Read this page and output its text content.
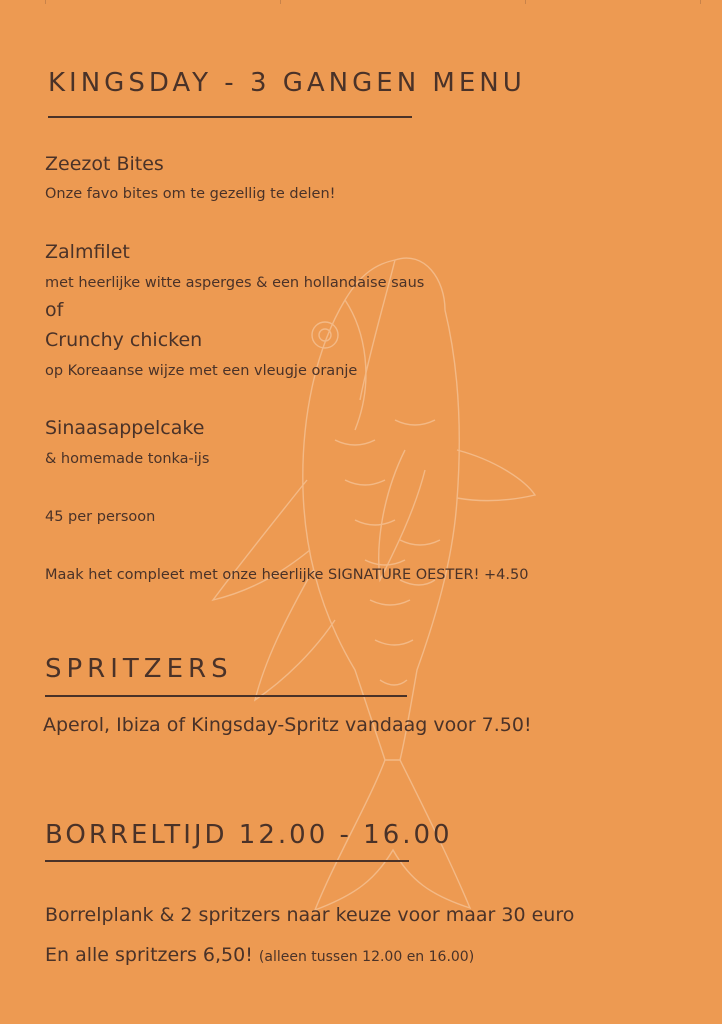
KINGSDAY - 3 GANGEN MENU

Zeezot Bites

Onze favo bites om te gezellig te delen!

Zalmfilet

met heerlijke witte asperges & een hollandaise saus

of

Crunchy chicken

op Koreaanse wijze met een vleugje oranje

Sinaasappelcake

& homemade tonka-ijs

45 per persoon

Maak het compleet met onze heerlijke SIGNATURE OESTER! +4.50

SPRITZERS

Aperol, Ibiza of Kingsday-Spritz vandaag voor 7.50!

BORRELTIJD 12.00 - 16.00

Borrelplank & 2 spritzers naar keuze voor maar 30 euro

En alle spritzers 6,50! (alleen tussen 12.00 en 16.00)
